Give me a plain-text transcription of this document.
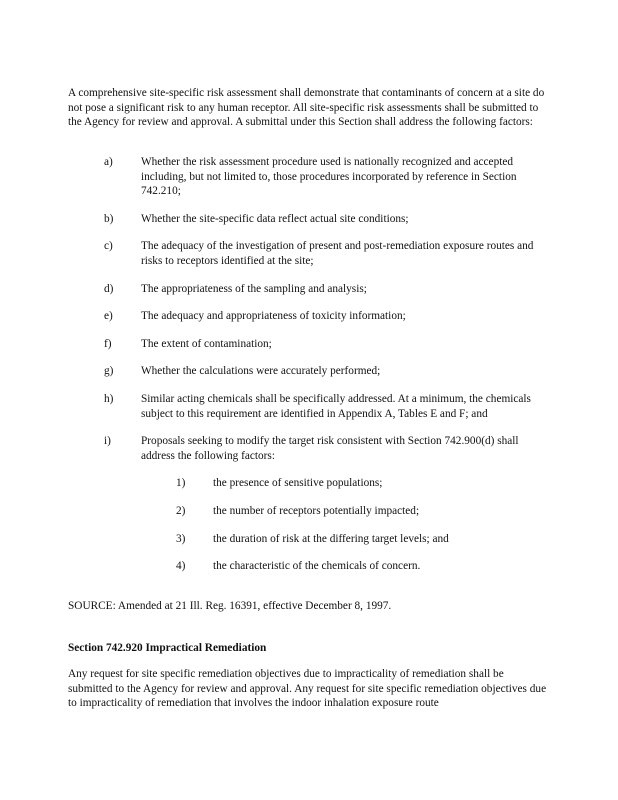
A comprehensive site-specific risk assessment shall demonstrate that contaminants of concern at a site do not pose a significant risk to any human receptor. All site-specific risk assessments shall be submitted to the Agency for review and approval. A submittal under this Section shall address the following factors:

a) Whether the risk assessment procedure used is nationally recognized and accepted including, but not limited to, those procedures incorporated by reference in Section 742.210;
b) Whether the site-specific data reflect actual site conditions;
c) The adequacy of the investigation of present and post-remediation exposure routes and risks to receptors identified at the site;
d) The appropriateness of the sampling and analysis;
e) The adequacy and appropriateness of toxicity information;
f)	The extent of contamination;
g) Whether the calculations were accurately performed;
h) Similar acting chemicals shall be specifically addressed. At a minimum, the chemicals subject to this requirement are identified in Appendix A, Tables E and F; and
i)	Proposals seeking to modify the target risk consistent with Section 742.900(d) shall address the following factors:
1) the presence of sensitive populations;
2) the number of receptors potentially impacted;
3) the duration of risk at the differing target levels; and
4) the characteristic of the chemicals of concern.

SOURCE: Amended at 21 Ill. Reg. 16391, effective December 8, 1997.

Section 742.920 Impractical Remediation

Any request for site specific remediation objectives due to impracticality of remediation shall be submitted to the Agency for review and approval. Any request for site specific remediation objectives due to impracticality of remediation that involves the indoor inhalation exposure route
